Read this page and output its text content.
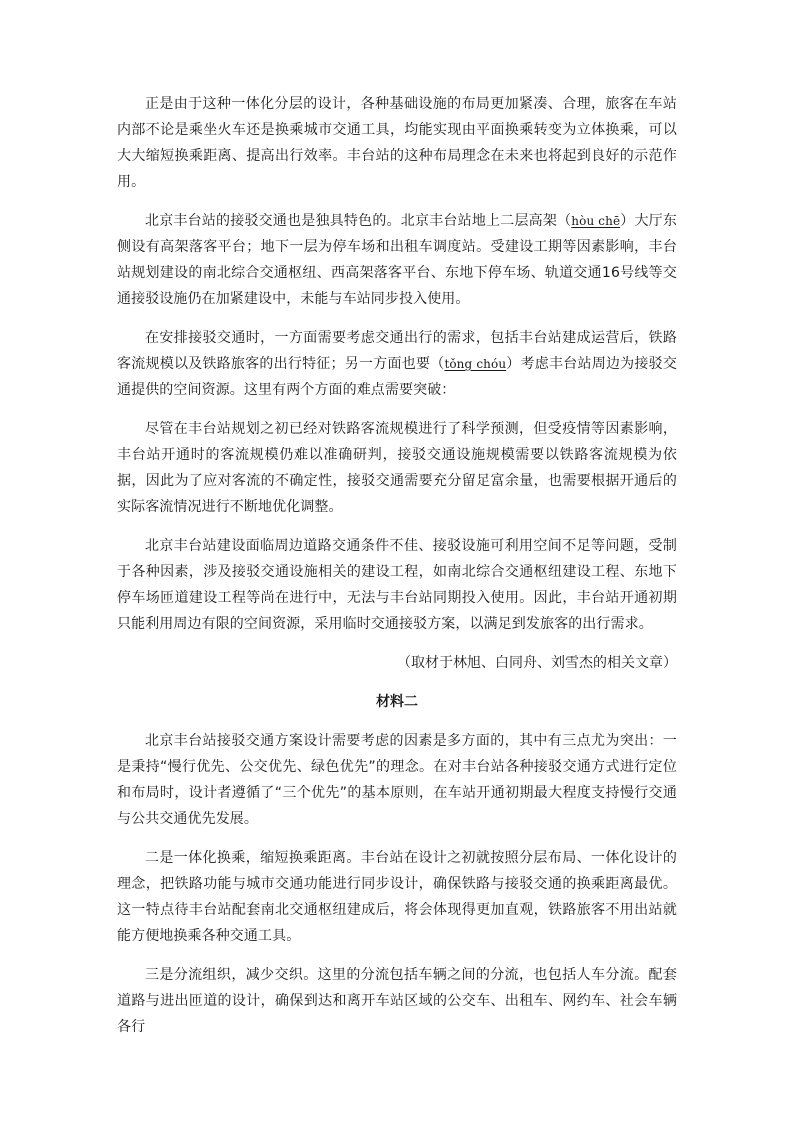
正是由于这种一体化分层的设计，各种基础设施的布局更加紧凑、合理，旅客在车站内部不论是乘坐火车还是换乘城市交通工具，均能实现由平面换乘转变为立体换乘，可以大大缩短换乘距离、提高出行效率。丰台站的这种布局理念在未来也将起到良好的示范作用。

北京丰台站的接驳交通也是独具特色的。北京丰台站地上二层高架（hòu chē）大厅东侧设有高架落客平台；地下一层为停车场和出租车调度站。受建设工期等因素影响，丰台站规划建设的南北综合交通枢纽、西高架落客平台、东地下停车场、轨道交通16号线等交通接驳设施仍在加紧建设中，未能与车站同步投入使用。

在安排接驳交通时，一方面需要考虑交通出行的需求，包括丰台站建成运营后，铁路客流规模以及铁路旅客的出行特征；另一方面也要（tǒng chóu）考虑丰台站周边为接驳交通提供的空间资源。这里有两个方面的难点需要突破：

尽管在丰台站规划之初已经对铁路客流规模进行了科学预测，但受疫情等因素影响，丰台站开通时的客流规模仍难以准确研判，接驳交通设施规模需要以铁路客流规模为依据，因此为了应对客流的不确定性，接驳交通需要充分留足富余量，也需要根据开通后的实际客流情况进行不断地优化调整。

北京丰台站建设面临周边道路交通条件不佳、接驳设施可利用空间不足等问题，受制于各种因素，涉及接驳交通设施相关的建设工程，如南北综合交通枢纽建设工程、东地下停车场匝道建设工程等尚在进行中，无法与丰台站同期投入使用。因此，丰台站开通初期只能利用周边有限的空间资源，采用临时交通接驳方案，以满足到发旅客的出行需求。

（取材于林旭、白同舟、刘雪杰的相关文章）

材料二

北京丰台站接驳交通方案设计需要考虑的因素是多方面的，其中有三点尤为突出：一是秉持“慢行优先、公交优先、绿色优先”的理念。在对丰台站各种接驳交通方式进行定位和布局时，设计者遵循了“三个优先”的基本原则，在车站开通初期最大程度支持慢行交通与公共交通优先发展。

二是一体化换乘，缩短换乘距离。丰台站在设计之初就按照分层布局、一体化设计的理念，把铁路功能与城市交通功能进行同步设计，确保铁路与接驳交通的换乘距离最优。这一特点待丰台站配套南北交通枢纽建成后，将会体现得更加直观，铁路旅客不用出站就能方便地换乘各种交通工具。

三是分流组织，减少交织。这里的分流包括车辆之间的分流，也包括人车分流。配套道路与进出匝道的设计，确保到达和离开车站区域的公交车、出租车、网约车、社会车辆各行
